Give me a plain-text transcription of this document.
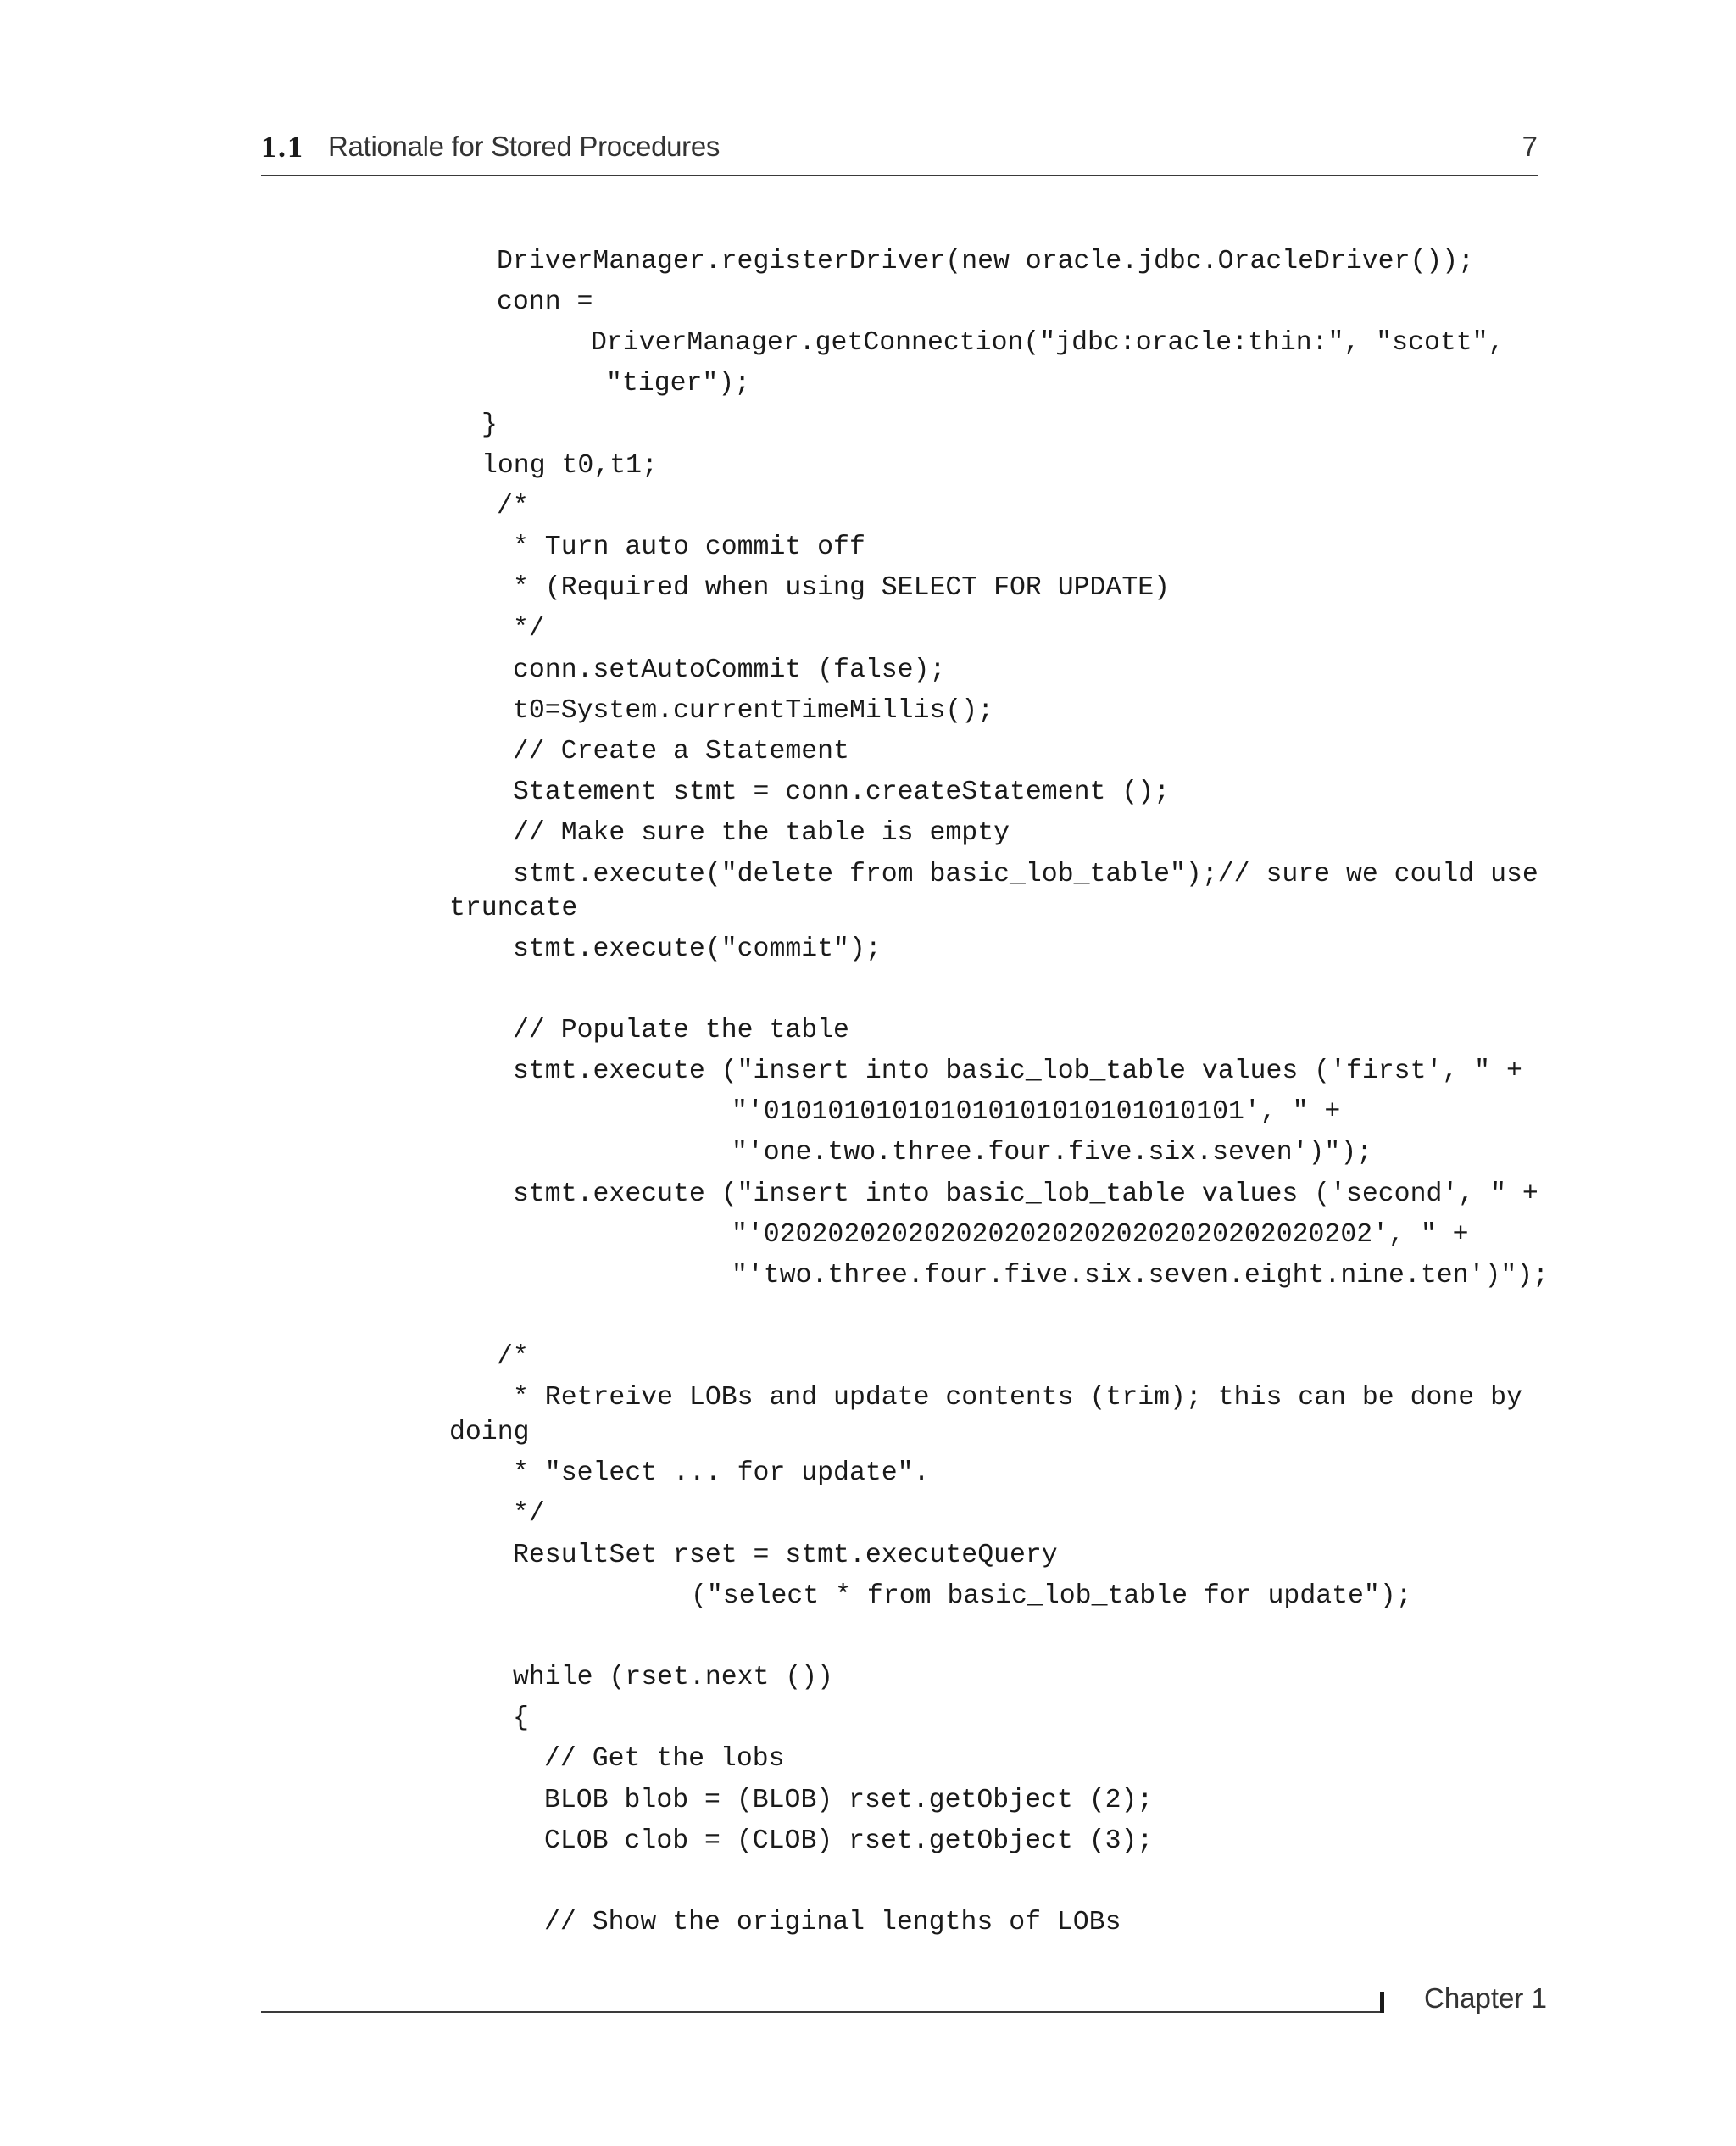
1.1 Rationale for Stored Procedures	7
DriverManager.registerDriver(new oracle.jdbc.OracleDriver());
conn =
DriverManager.getConnection("jdbc:oracle:thin:", "scott",
"tiger");
}
long t0,t1;
/*
* Turn auto commit off
* (Required when using SELECT FOR UPDATE)
*/
conn.setAutoCommit (false);
t0=System.currentTimeMillis();
// Create a Statement
Statement stmt = conn.createStatement ();
// Make sure the table is empty
stmt.execute("delete from basic_lob_table");// sure we could use
truncate
stmt.execute("commit");
// Populate the table
stmt.execute ("insert into basic_lob_table values ('first', " +
"'010101010101010101010101010101', " +
"'one.two.three.four.five.six.seven')");
stmt.execute ("insert into basic_lob_table values ('second', " +
"'02020202020202020202020202020202020202', " +
"'two.three.four.five.six.seven.eight.nine.ten')");
/*
* Retreive LOBs and update contents (trim); this can be done by
doing
* "select ... for update".
*/
ResultSet rset = stmt.executeQuery
("select * from basic_lob_table for update");
while (rset.next ())
{
// Get the lobs
BLOB blob = (BLOB) rset.getObject (2);
CLOB clob = (CLOB) rset.getObject (3);
// Show the original lengths of LOBs
Chapter 1
